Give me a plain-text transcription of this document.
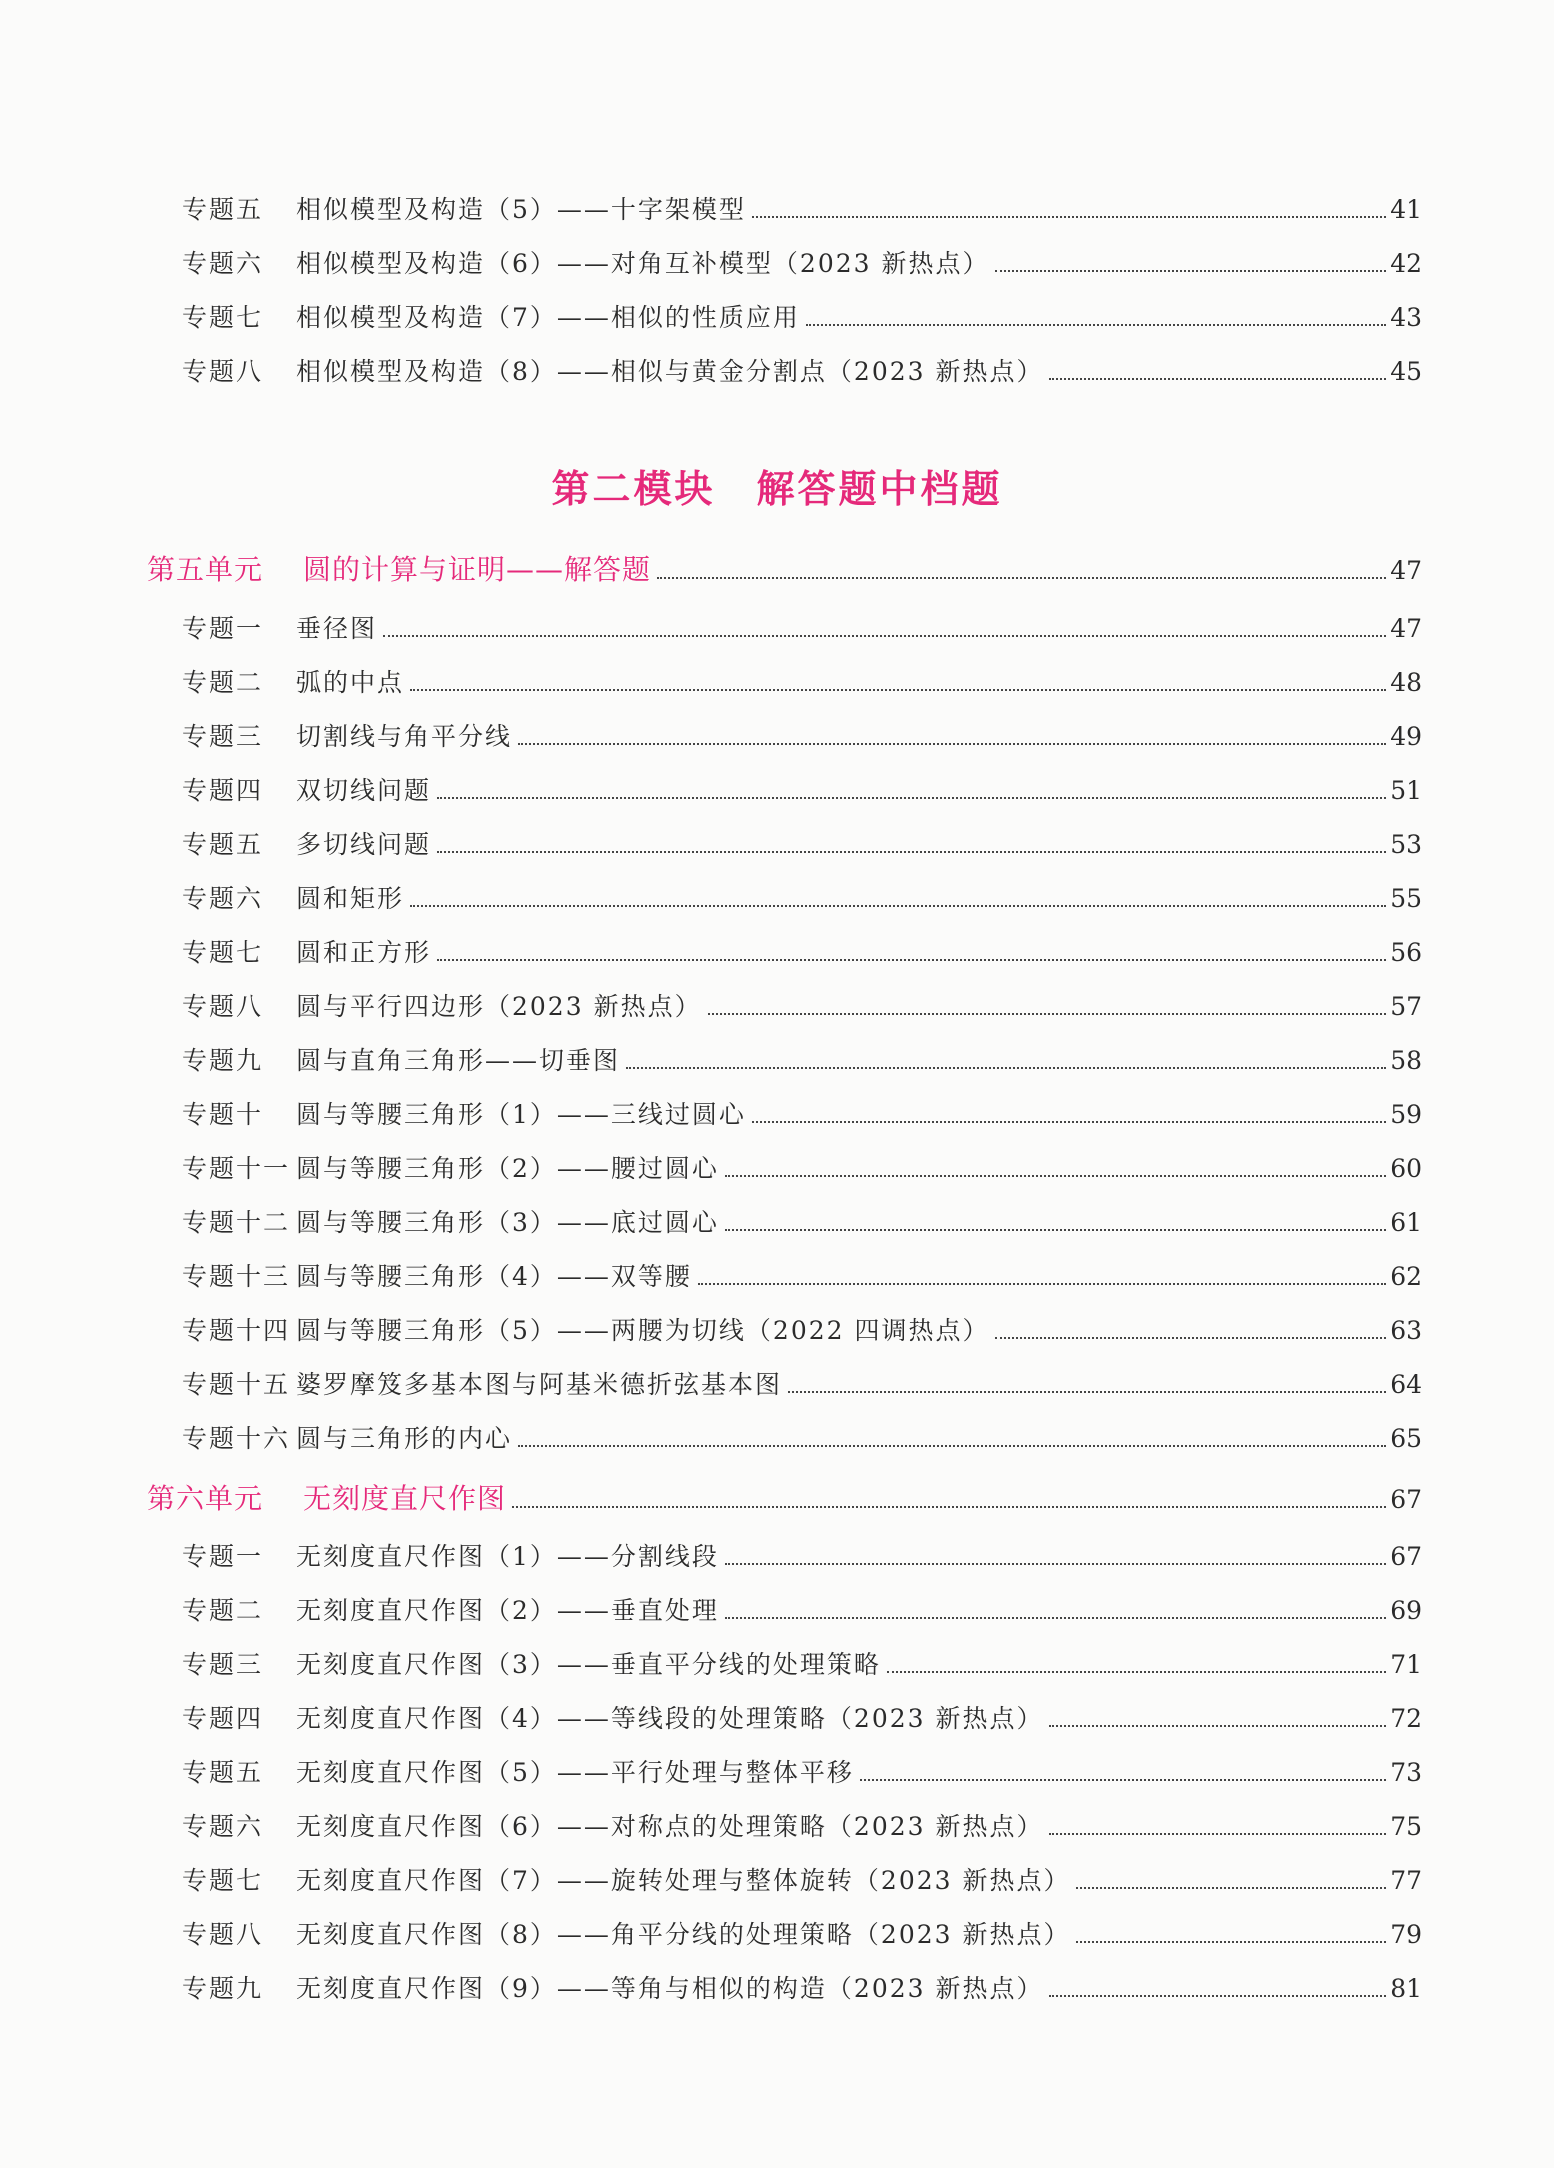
专题五 相似模型及构造（5）——十字架模型	41
专题六 相似模型及构造（6）——对角互补模型（2023 新热点）	42
专题七 相似模型及构造（7）——相似的性质应用	43
专题八 相似模型及构造（8）——相似与黄金分割点（2023 新热点）	45
第二模块　解答题中档题
第五单元 圆的计算与证明——解答题	47
专题一 垂径图	47
专题二 弧的中点	48
专题三 切割线与角平分线	49
专题四 双切线问题	51
专题五 多切线问题	53
专题六 圆和矩形	55
专题七 圆和正方形	56
专题八 圆与平行四边形（2023 新热点）	57
专题九 圆与直角三角形——切垂图	58
专题十 圆与等腰三角形（1）——三线过圆心	59
专题十一 圆与等腰三角形（2）——腰过圆心	60
专题十二 圆与等腰三角形（3）——底过圆心	61
专题十三 圆与等腰三角形（4）——双等腰	62
专题十四 圆与等腰三角形（5）——两腰为切线（2022 四调热点）	63
专题十五 婆罗摩笈多基本图与阿基米德折弦基本图	64
专题十六 圆与三角形的内心	65
第六单元 无刻度直尺作图	67
专题一 无刻度直尺作图（1）——分割线段	67
专题二 无刻度直尺作图（2）——垂直处理	69
专题三 无刻度直尺作图（3）——垂直平分线的处理策略	71
专题四 无刻度直尺作图（4）——等线段的处理策略（2023 新热点）	72
专题五 无刻度直尺作图（5）——平行处理与整体平移	73
专题六 无刻度直尺作图（6）——对称点的处理策略（2023 新热点）	75
专题七 无刻度直尺作图（7）——旋转处理与整体旋转（2023 新热点）	77
专题八 无刻度直尺作图（8）——角平分线的处理策略（2023 新热点）	79
专题九 无刻度直尺作图（9）——等角与相似的构造（2023 新热点）	81
